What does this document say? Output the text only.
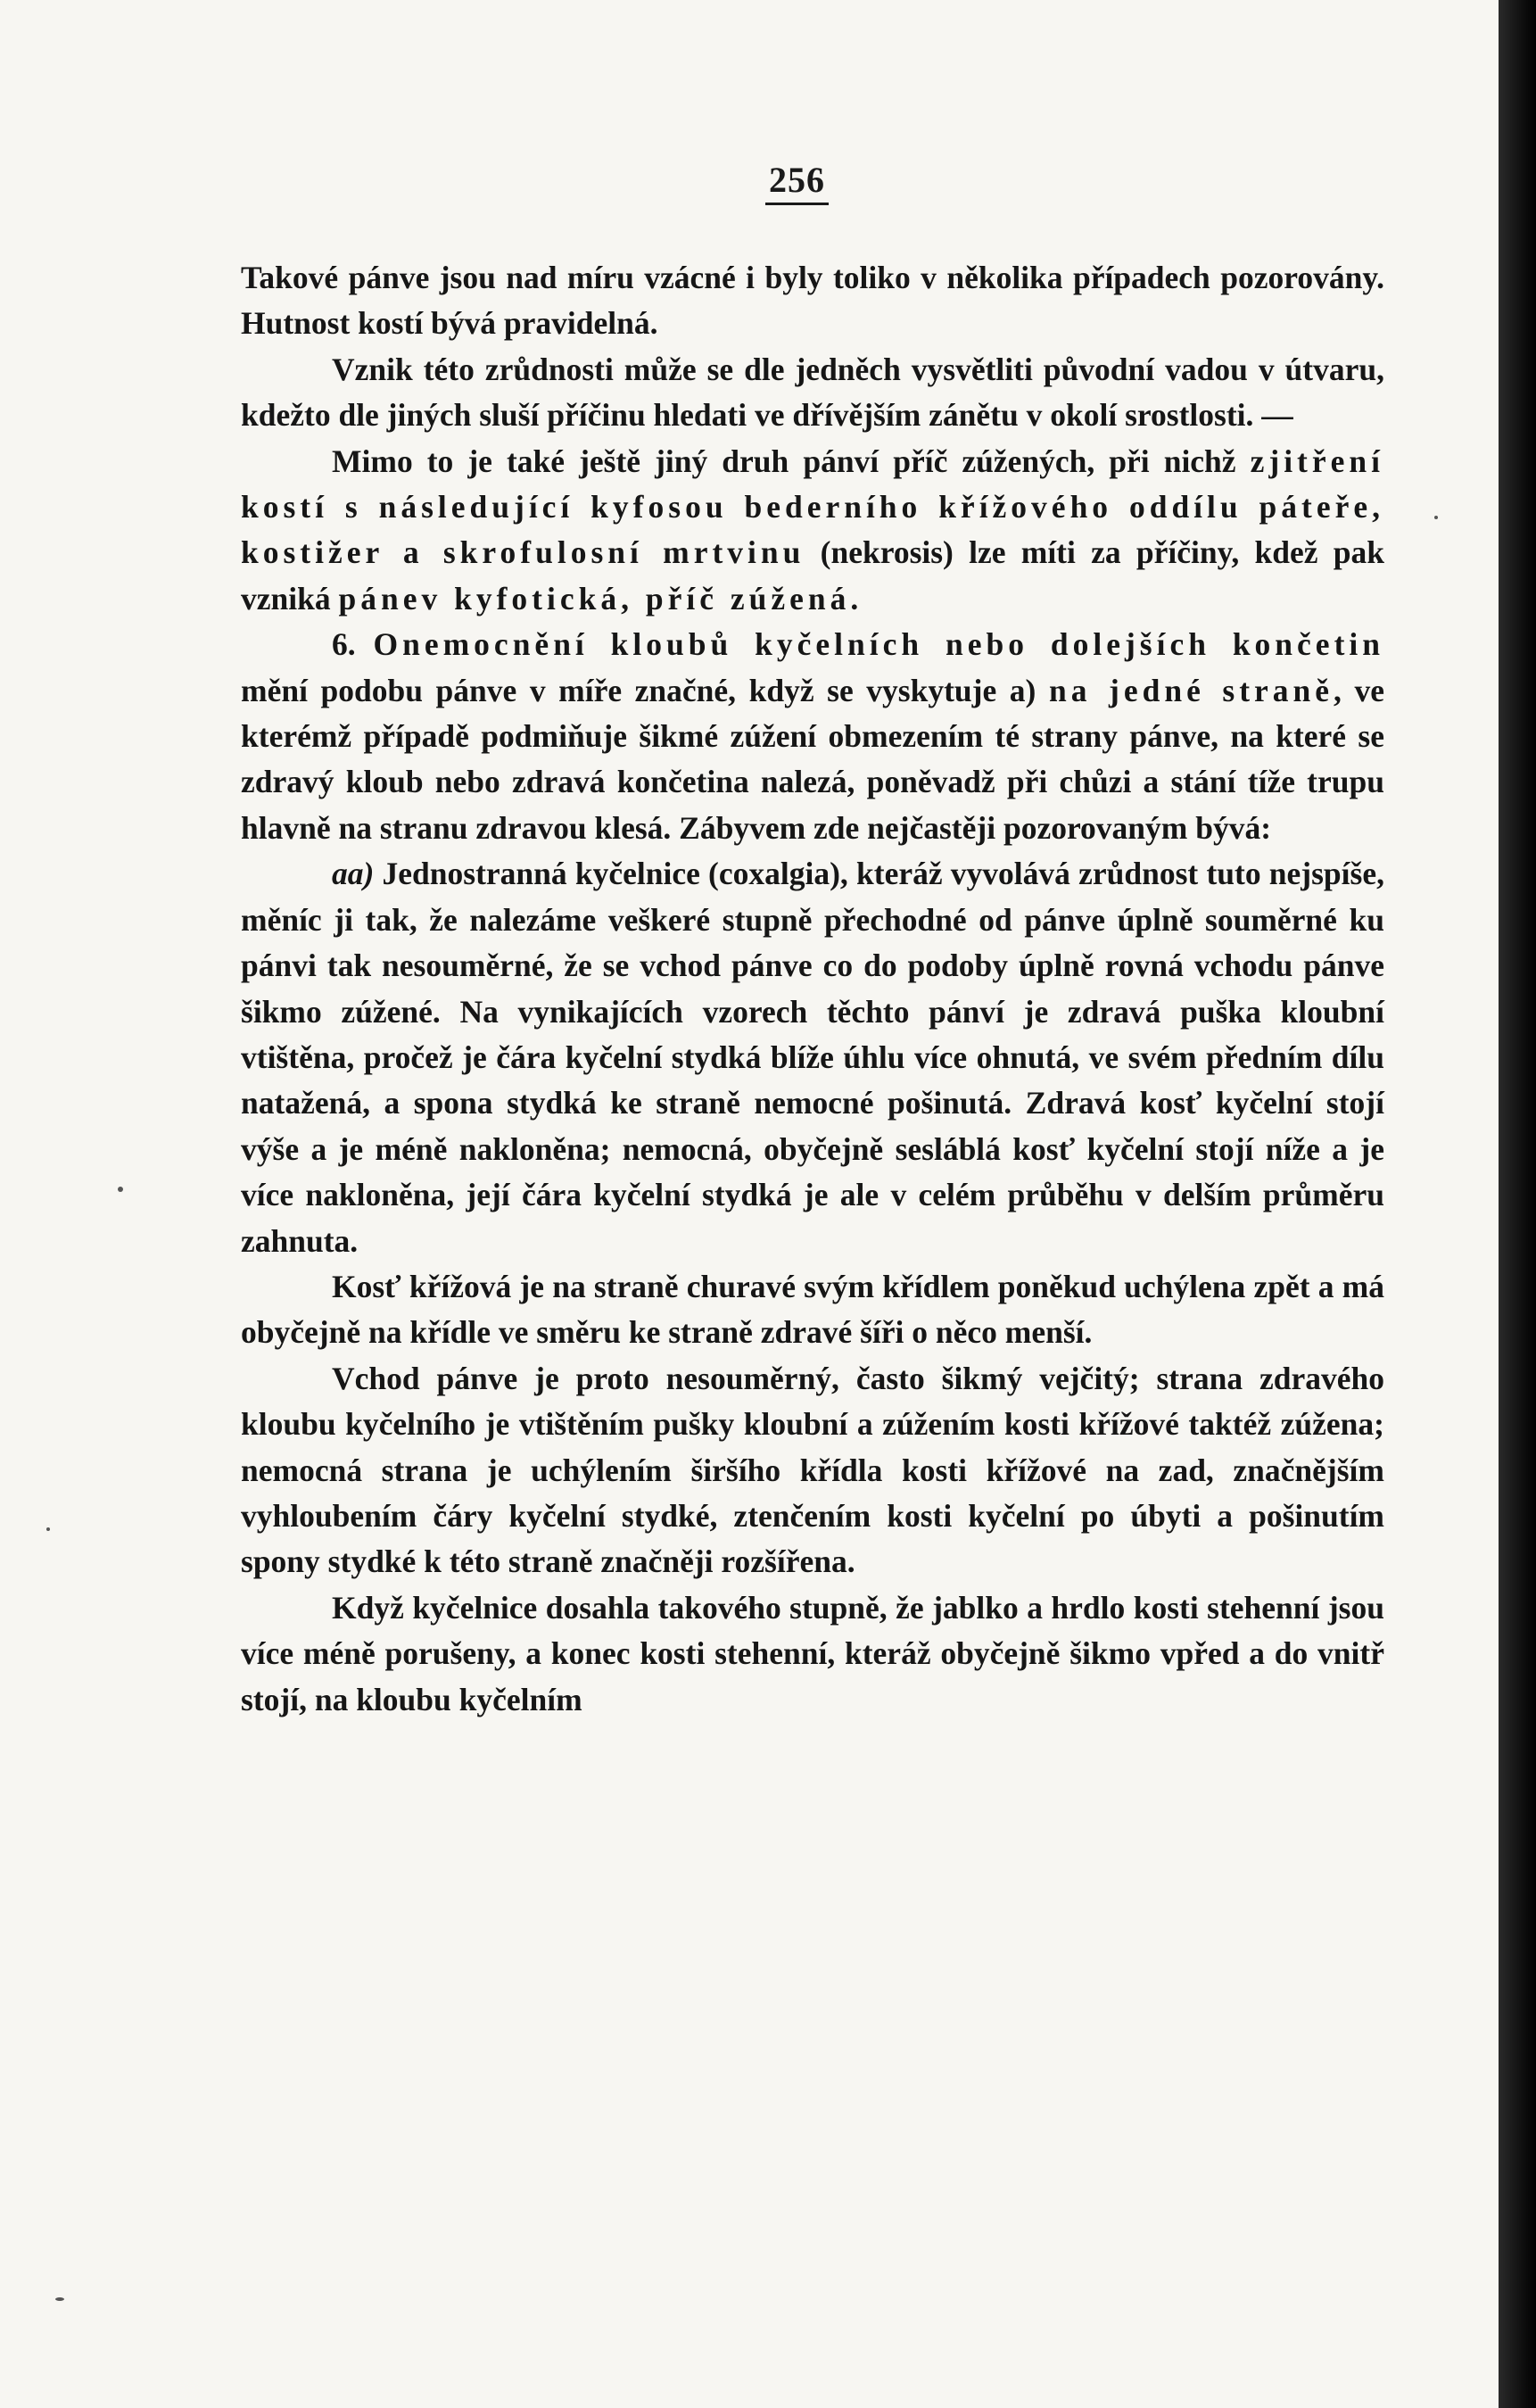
256

Takové pánve jsou nad míru vzácné i byly toliko v několika případech pozorovány. Hutnost kostí bývá pravidelná.

Vznik této zrůdnosti může se dle jedněch vysvětliti původní vadou v útvaru, kdežto dle jiných sluší příčinu hledati ve dřívějším zánětu v okolí srostlosti. —

Mimo to je také ještě jiný druh pánví příč zúžených, při nichž zjitření kostí s následující kyfosou bederního křížového oddílu páteře, kostižer a skrofulosní mrtvinu (nekrosis) lze míti za příčiny, kdež pak vzniká pánev kyfotická, příč zúžená.

6. Onemocnění kloubů kyčelních nebo dolejších končetin mění podobu pánve v míře značné, když se vyskytuje a) na jedné straně, ve kterémž případě podmiňuje šikmé zúžení obmezením té strany pánve, na které se zdravý kloub nebo zdravá končetina nalezá, poněvadž při chůzi a stání tíže trupu hlavně na stranu zdravou klesá. Zábyvem zde nejčastěji pozorovaným bývá:

aa) Jednostranná kyčelnice (coxalgia), kteráž vyvolává zrůdnost tuto nejspíše, měníc ji tak, že nalezáme veškeré stupně přechodné od pánve úplně souměrné ku pánvi tak nesouměrné, že se vchod pánve co do podoby úplně rovná vchodu pánve šikmo zúžené. Na vynikajících vzorech těchto pánví je zdravá puška kloubní vtištěna, pročež je čára kyčelní stydká blíže úhlu více ohnutá, ve svém předním dílu natažená, a spona stydká ke straně nemocné pošinutá. Zdravá kosť kyčelní stojí výše a je méně nakloněna; nemocná, obyčejně sesláblá kosť kyčelní stojí níže a je více nakloněna, její čára kyčelní stydká je ale v celém průběhu v delším průměru zahnuta.

Kosť křížová je na straně churavé svým křídlem poněkud uchýlena zpět a má obyčejně na křídle ve směru ke straně zdravé šíři o něco menší.

Vchod pánve je proto nesouměrný, často šikmý vejčitý; strana zdravého kloubu kyčelního je vtištěním pušky kloubní a zúžením kosti křížové taktéž zúžena; nemocná strana je uchýlením širšího křídla kosti křížové na zad, značnějším vyhloubením čáry kyčelní stydké, ztenčením kosti kyčelní po úbyti a pošinutím spony stydké k této straně značněji rozšířena.

Když kyčelnice dosahla takového stupně, že jablko a hrdlo kosti stehenní jsou více méně porušeny, a konec kosti stehenní, kteráž obyčejně šikmo vpřed a do vnitř stojí, na kloubu kyčelním
